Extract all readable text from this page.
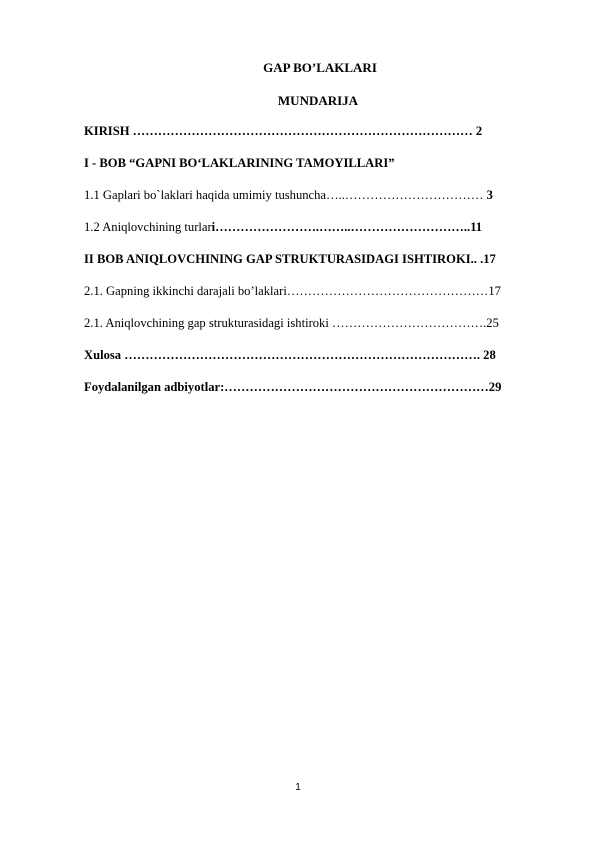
GAP BO’LAKLARI
MUNDARIJA
KIRISH ……………………………………………………………………… 2
I - BOB “GAPNI BO‘LAKLARINING TAMOYILLARI”
1.1 Gaplari bo`laklari haqida umimiy tushuncha…..…………………………… 3
1.2 Aniqlovchining turlari…………………….……..………………………..11
II BOB ANIQLOVCHINING GAP STRUKTURASIDAGI ISHTIROKI.. .17
2.1. Gapning ikkinchi darajali bo’laklari…………………………………………17
2.1. Aniqlovchining gap strukturasidagi ishtiroki ……………………………….25
Xulosa …………………………………………………………………………. 28
Foydalanilgan adbiyotlar:………………………………………………………29
1
